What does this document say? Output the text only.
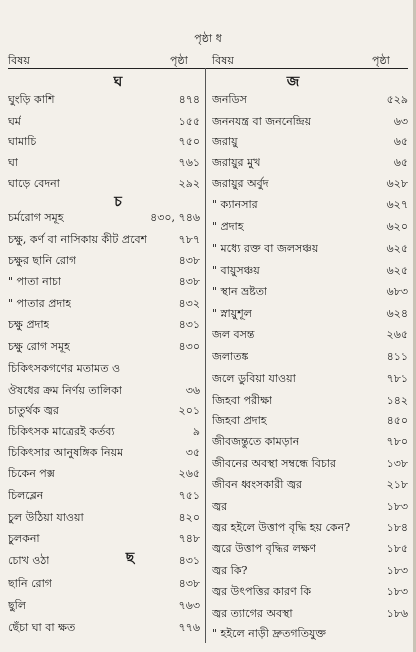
পৃষ্ঠা ধ
বিষয়	পৃষ্ঠা বিষয়	পৃষ্ঠা
ঘ	জ
চ
ছ
ঘুংড়ি কাশি	৪৭৪
ঘর্ম	১৫৫
ঘামাচি	৭৫০
ঘা	৭৬১
ঘাড়ে বেদনা	২৯২
চর্মরোগ সমূহ	৪৩০, ৭৪৬
চক্ষু, কর্ণ বা নাসিকায় কীট প্রবেশ	৭৮৭
চক্ষুর ছানি রোগ	৪৩৮
" পাতা নাচা	৪৩৮
" পাতার প্রদাহ	৪৩২
চক্ষু প্রদাহ	৪৩১
চক্ষু রোগ সমূহ	৪৩০
চিকিৎসকগণের মতামত ও
ঔষধের ক্রম নির্ণয় তালিকা	৩৬
চাতুর্থক জ্বর	২০১
চিকিৎসক মাত্রেরই কর্তব্য	৯
চিকিৎসার আনুষঙ্গিক নিয়ম	৩৫
চিকেন পক্স	২৬৫
চিলব্লেন	৭৫১
চুল উঠিয়া যাওয়া	৪২০
চুলকনা	৭৪৮
চোখ ওঠা	৪৩১
ছানি রোগ	৪৩৮
ছুলি	৭৬৩
ছেঁচা ঘা বা ক্ষত	৭৭৬
জনডিস	৫২৯
জননযন্ত্র বা জননেন্দ্রিয়	৬৩
জরায়ু	৬৫
জরায়ুর মুখ	৬৫
জরায়ুর অর্বুদ	৬২৮
" ক্যানসার	৬২৭
" প্রদাহ	৬২০
" মধ্যে রক্ত বা জলসঞ্চয়	৬২৫
" বায়ুসঞ্চয়	৬২৫
" স্থান ভ্রষ্টতা	৬৮৩
" স্নায়ুশূল	৬২৪
জল বসন্ত	২৬৫
জলাতঙ্ক	৪১১
জলে ডুবিয়া যাওয়া	৭৮১
জিহবা পরীক্ষা	১৪২
জিহবা প্রদাহ	৪৫০
জীবজন্তুতে কামড়ান	৭৮০
জীবনের অবস্থা সম্বন্ধে বিচার	১৩৮
জীবন ধ্বংসকারী জ্বর	২১৮
জ্বর	১৮৩
জ্বর হইলে উত্তাপ বৃদ্ধি হয় কেন?	১৮৪
জ্বরে উত্তাপ বৃদ্ধির লক্ষণ	১৮৫
জ্বর কি?	১৮৩
জ্বর উৎপত্তির কারণ কি	১৮৩
জ্বর ত্যাগের অবস্থা	১৮৬
" হইলে নাড়ী দ্রুতগতিযুক্ত
